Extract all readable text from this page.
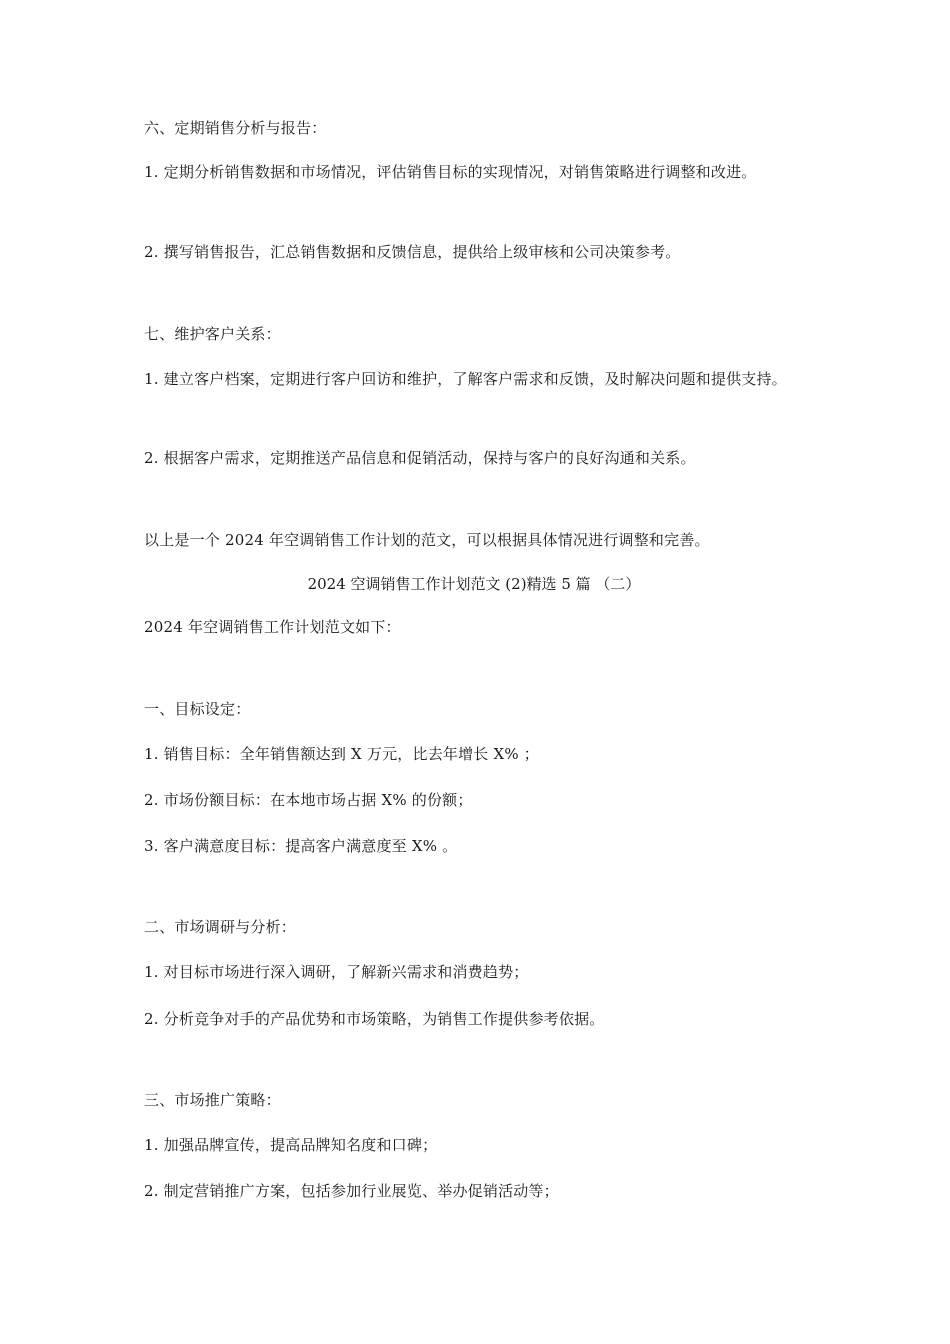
六、定期销售分析与报告：
1. 定期分析销售数据和市场情况，评估销售目标的实现情况，对销售策略进行调整和改进。
2. 撰写销售报告，汇总销售数据和反馈信息，提供给上级审核和公司决策参考。
七、维护客户关系：
1. 建立客户档案，定期进行客户回访和维护，了解客户需求和反馈，及时解决问题和提供支持。
2. 根据客户需求，定期推送产品信息和促销活动，保持与客户的良好沟通和关系。
以上是一个 2024 年空调销售工作计划的范文，可以根据具体情况进行调整和完善。
2024 空调销售工作计划范文 (2)精选 5 篇 （二）
2024 年空调销售工作计划范文如下：
一、目标设定：
1. 销售目标：全年销售额达到 X 万元，比去年增长 X% ；
2. 市场份额目标：在本地市场占据 X% 的份额；
3. 客户满意度目标：提高客户满意度至 X% 。
二、市场调研与分析：
1. 对目标市场进行深入调研，了解新兴需求和消费趋势；
2. 分析竞争对手的产品优势和市场策略，为销售工作提供参考依据。
三、市场推广策略：
1. 加强品牌宣传，提高品牌知名度和口碑；
2. 制定营销推广方案，包括参加行业展览、举办促销活动等；
